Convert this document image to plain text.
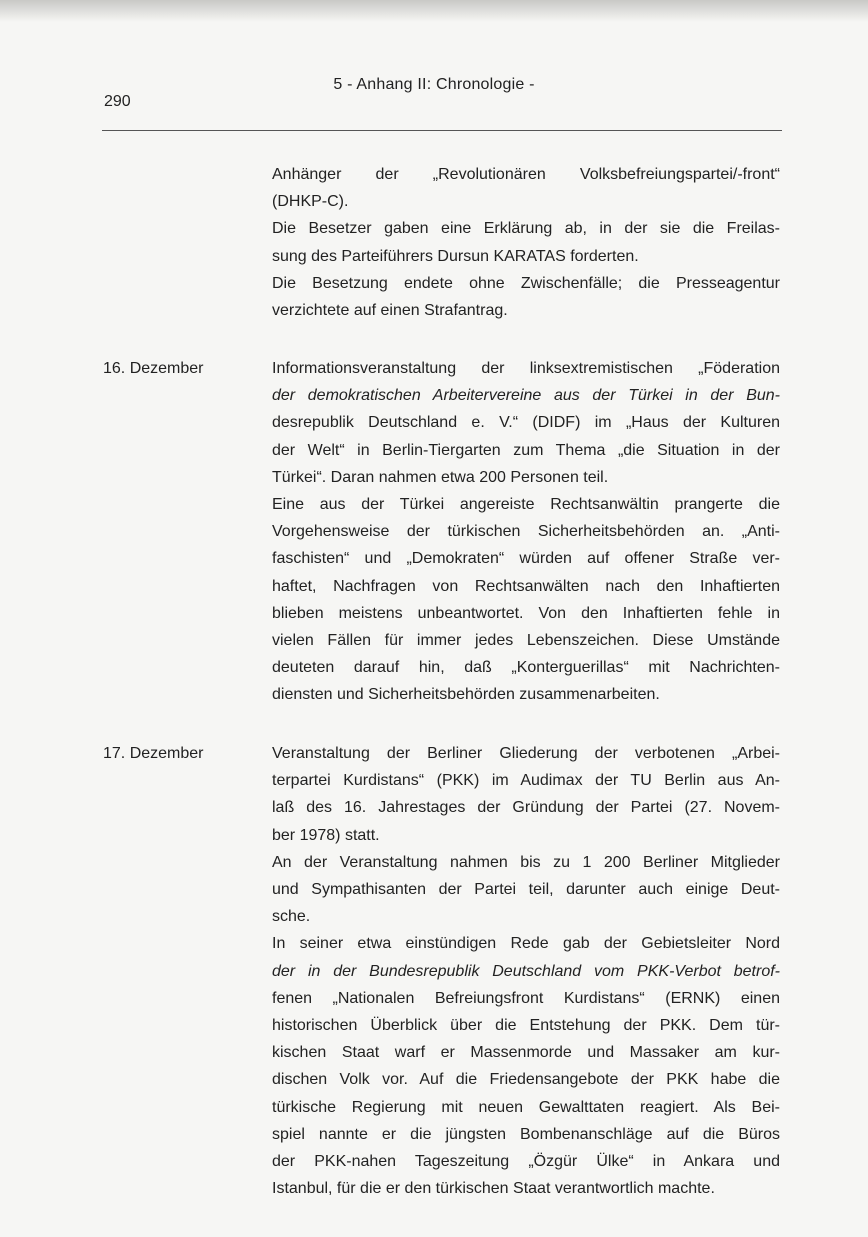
5 - Anhang II: Chronologie -
290
Anhänger der „Revolutionären Volksbefreiungspartei/-front“
(DHKP-C).
Die Besetzer gaben eine Erklärung ab, in der sie die Freilas-
sung des Parteiführers Dursun KARATAS forderten.
Die Besetzung endete ohne Zwischenfälle; die Presseagentur
verzichtete auf einen Strafantrag.
16. Dezember	Informationsveranstaltung der linksextremistischen „Föderation
der demokratischen Arbeitervereine aus der Türkei in der Bun-
desrepublik Deutschland e. V.“ (DIDF) im „Haus der Kulturen
der Welt“ in Berlin-Tiergarten zum Thema „die Situation in der
Türkei“. Daran nahmen etwa 200 Personen teil.
Eine aus der Türkei angereiste Rechtsanwältin prangerte die
Vorgehensweise der türkischen Sicherheitsbehörden an. „Anti-
faschisten“ und „Demokraten“ würden auf offener Straße ver-
haftet, Nachfragen von Rechtsanwälten nach den Inhaftierten
blieben meistens unbeantwortet. Von den Inhaftierten fehle in
vielen Fällen für immer jedes Lebenszeichen. Diese Umstände
deuteten darauf hin, daß „Konterguerillas“ mit Nachrichten-
diensten und Sicherheitsbehörden zusammenarbeiten.
17. Dezember	Veranstaltung der Berliner Gliederung der verbotenen „Arbei-
terpartei Kurdistans“ (PKK) im Audimax der TU Berlin aus An-
laß des 16. Jahrestages der Gründung der Partei (27. Novem-
ber 1978) statt.
An der Veranstaltung nahmen bis zu 1 200 Berliner Mitglieder
und Sympathisanten der Partei teil, darunter auch einige Deut-
sche.
In seiner etwa einstündigen Rede gab der Gebietsleiter Nord
der in der Bundesrepublik Deutschland vom PKK-Verbot betrof-
fenen „Nationalen Befreiungsfront Kurdistans“ (ERNK) einen
historischen Überblick über die Entstehung der PKK. Dem tür-
kischen Staat warf er Massenmorde und Massaker am kur-
dischen Volk vor. Auf die Friedensangebote der PKK habe die
türkische Regierung mit neuen Gewalttaten reagiert. Als Bei-
spiel nannte er die jüngsten Bombenanschläge auf die Büros
der PKK-nahen Tageszeitung „Özgür Ülke“ in Ankara und
Istanbul, für die er den türkischen Staat verantwortlich machte.
